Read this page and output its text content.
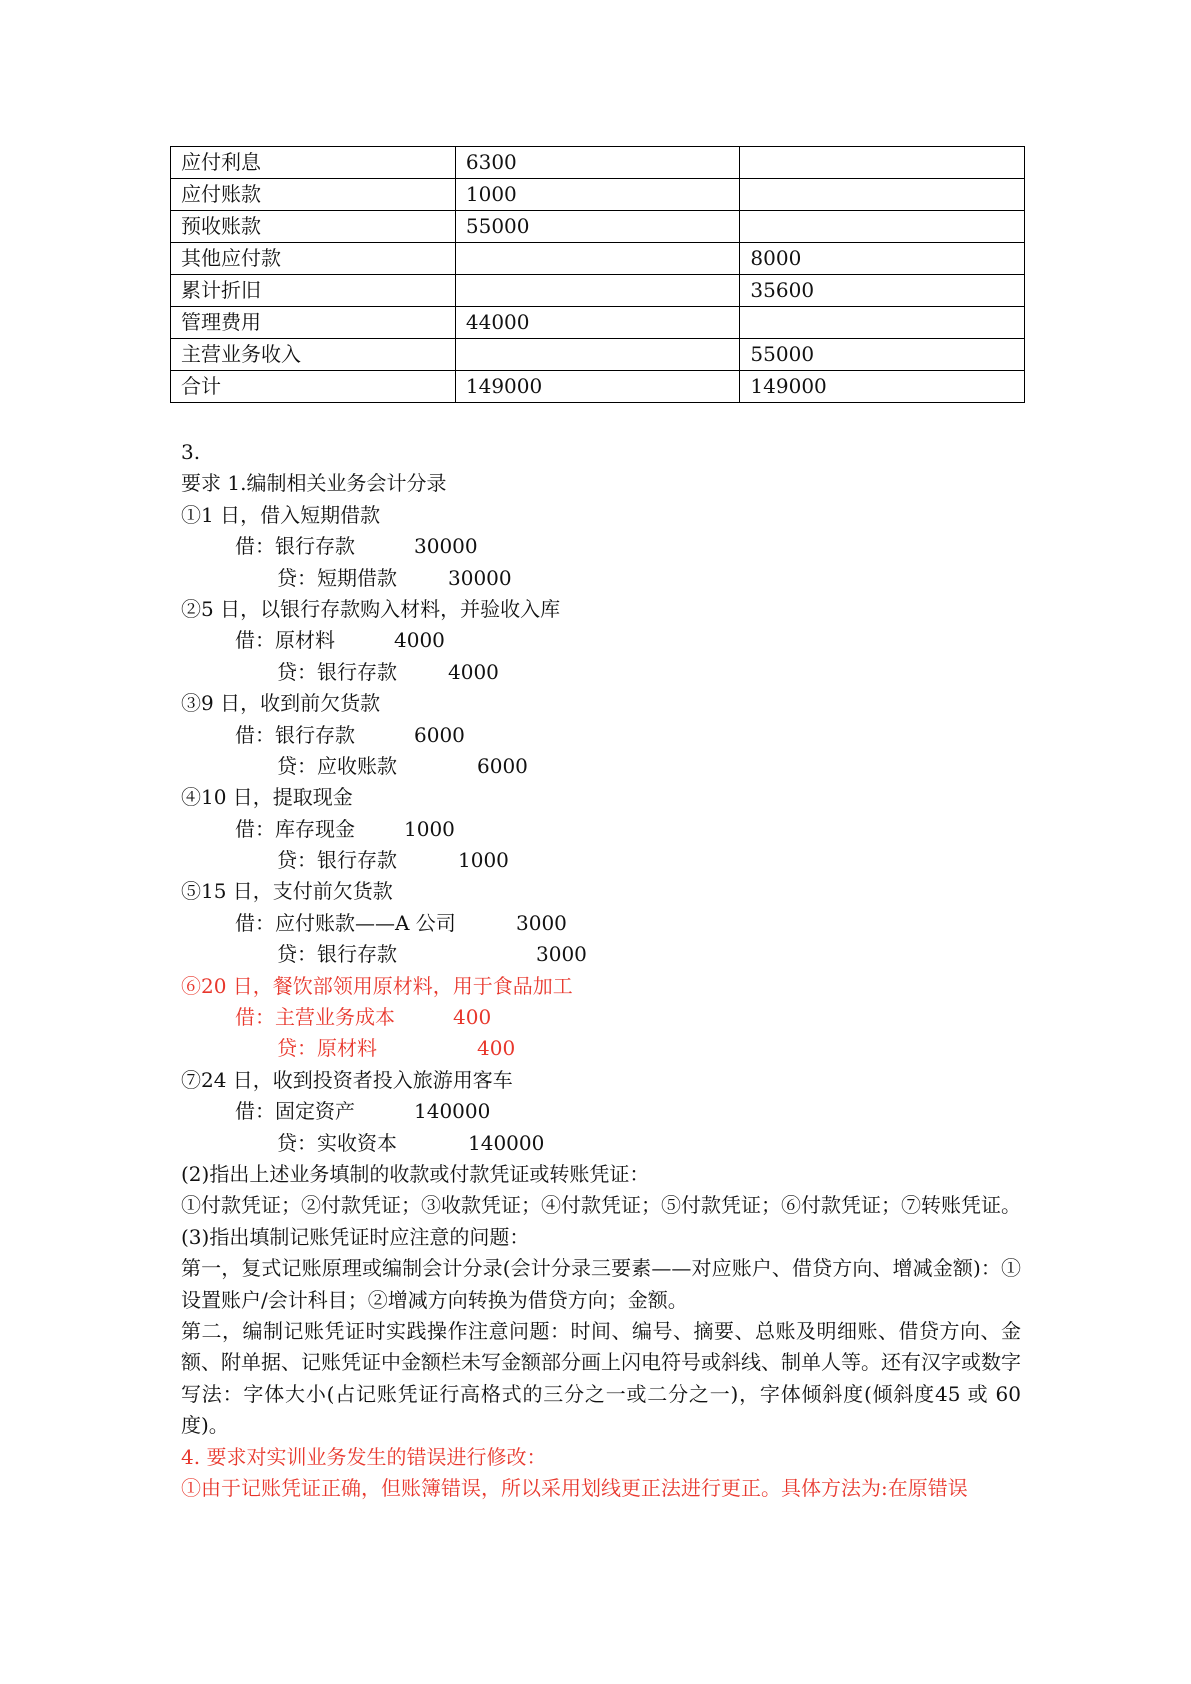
应付利息	6300	
应付账款	1000	
预收账款	55000	
其他应付款		8000
累计折旧		35600
管理费用	44000	
主营业务收入		55000
合计	149000	149000
3.
要求 1.编制相关业务会计分录
①1 日，借入短期借款
借：银行存款	30000
贷：短期借款	30000
②5 日，以银行存款购入材料，并验收入库
借：原材料	4000
贷：银行存款	4000
③9 日，收到前欠货款
借：银行存款	6000
贷：应收账款	6000
④10 日，提取现金
借：库存现金 1000
贷：银行存款	1000
⑤15 日，支付前欠货款
借：应付账款——A 公司	3000
贷：银行存款	3000
⑥20 日，餐饮部领用原材料，用于食品加工
借：主营业务成本	400
贷：原材料	400
⑦24 日，收到投资者投入旅游用客车
借：固定资产	140000
贷：实收资本	140000
(2)指出上述业务填制的收款或付款凭证或转账凭证：
①付款凭证；②付款凭证；③收款凭证；④付款凭证；⑤付款凭证；⑥付款凭证；⑦转账凭证。
(3)指出填制记账凭证时应注意的问题：
第一，复式记账原理或编制会计分录(会计分录三要素——对应账户、借贷方向、增减金额)：①设置账户/会计科目；②增减方向转换为借贷方向；金额。
第二，编制记账凭证时实践操作注意问题：时间、编号、摘要、总账及明细账、借贷方向、金额、附单据、记账凭证中金额栏未写金额部分画上闪电符号或斜线、制单人等。还有汉字或数字写法：字体大小(占记账凭证行高格式的三分之一或二分之一)，字体倾斜度(倾斜度45 或 60 度)。
4. 要求对实训业务发生的错误进行修改：
①由于记账凭证正确，但账簿错误，所以采用划线更正法进行更正。具体方法为:在原错误
